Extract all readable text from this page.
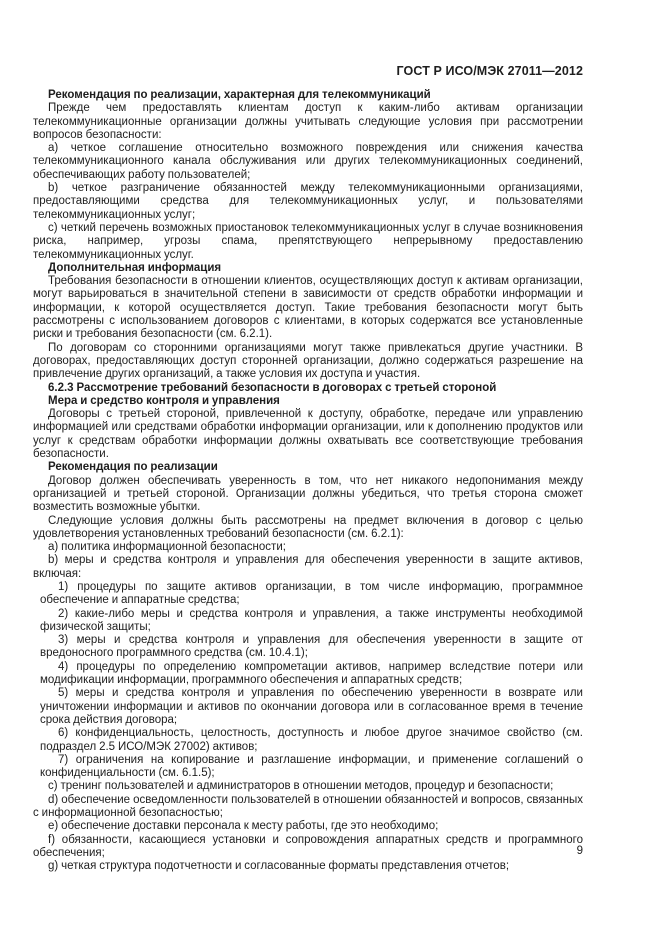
ГОСТ Р ИСО/МЭК 27011—2012

Рекомендация по реализации, характерная для телекоммуникаций

Прежде чем предоставлять клиентам доступ к каким-либо активам организации телекоммуникационные организации должны учитывать следующие условия при рассмотрении вопросов безопасности:

а) четкое соглашение относительно возможного повреждения или снижения качества телекоммуникационного канала обслуживания или других телекоммуникационных соединений, обеспечивающих работу пользователей;

b) четкое разграничение обязанностей между телекоммуникационными организациями, предоставляющими средства для телекоммуникационных услуг, и пользователями телекоммуникационных услуг;

c) четкий перечень возможных приостановок телекоммуникационных услуг в случае возникновения риска, например, угрозы спама, препятствующего непрерывному предоставлению телекоммуникационных услуг.

Дополнительная информация

Требования безопасности в отношении клиентов, осуществляющих доступ к активам организации, могут варьироваться в значительной степени в зависимости от средств обработки информации и информации, к которой осуществляется доступ. Такие требования безопасности могут быть рассмотрены с использованием договоров с клиентами, в которых содержатся все установленные риски и требования безопасности (см. 6.2.1).

По договорам со сторонними организациями могут также привлекаться другие участники. В договорах, предоставляющих доступ сторонней организации, должно содержаться разрешение на привлечение других организаций, а также условия их доступа и участия.

6.2.3 Рассмотрение требований безопасности в договорах с третьей стороной

Мера и средство контроля и управления

Договоры с третьей стороной, привлеченной к доступу, обработке, передаче или управлению информацией или средствами обработки информации организации, или к дополнению продуктов или услуг к средствам обработки информации должны охватывать все соответствующие требования безопасности.

Рекомендация по реализации

Договор должен обеспечивать уверенность в том, что нет никакого недопонимания между организацией и третьей стороной. Организации должны убедиться, что третья сторона сможет возместить возможные убытки.

Следующие условия должны быть рассмотрены на предмет включения в договор с целью удовлетворения установленных требований безопасности (см. 6.2.1):

a) политика информационной безопасности;

b) меры и средства контроля и управления для обеспечения уверенности в защите активов, включая:

1) процедуры по защите активов организации, в том числе информацию, программное обеспечение и аппаратные средства;

2) какие-либо меры и средства контроля и управления, а также инструменты необходимой физической защиты;

3) меры и средства контроля и управления для обеспечения уверенности в защите от вредоносного программного средства (см. 10.4.1);

4) процедуры по определению компрометации активов, например вследствие потери или модификации информации, программного обеспечения и аппаратных средств;

5) меры и средства контроля и управления по обеспечению уверенности в возврате или уничтожении информации и активов по окончании договора или в согласованное время в течение срока действия договора;

6) конфиденциальность, целостность, доступность и любое другое значимое свойство (см. подраздел 2.5 ИСО/МЭК 27002) активов;

7) ограничения на копирование и разглашение информации, и применение соглашений о конфиденциальности (см. 6.1.5);

c) тренинг пользователей и администраторов в отношении методов, процедур и безопасности;

d) обеспечение осведомленности пользователей в отношении обязанностей и вопросов, связанных с информационной безопасностью;

e) обеспечение доставки персонала к месту работы, где это необходимо;

f) обязанности, касающиеся установки и сопровождения аппаратных средств и программного обеспечения;

g) четкая структура подотчетности и согласованные форматы представления отчетов;

9
